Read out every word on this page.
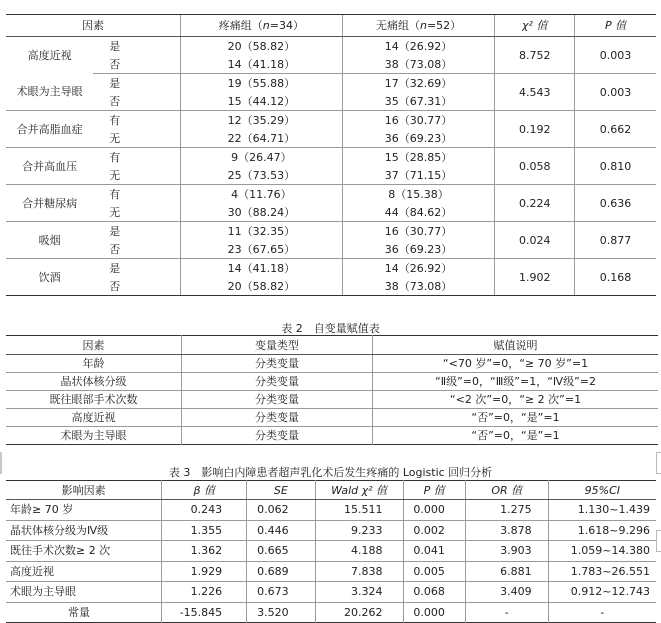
因素		疼痛组（n=34）	无痛组（n=52）	χ² 值	P 值
高度近视	是	20（58.82）	14（26.92）	8.752	0.003
	否	14（41.18）	38（73.08）		
术眼为主导眼	是	19（55.88）	17（32.69）	4.543	0.003
	否	15（44.12）	35（67.31）		
合并高脂血症	有	12（35.29）	16（30.77）	0.192	0.662
	无	22（64.71）	36（69.23）		
合并高血压	有	9（26.47）	15（28.85）	0.058	0.810
	无	25（73.53）	37（71.15）		
合并糖尿病	有	4（11.76）	8（15.38）	0.224	0.636
	无	30（88.24）	44（84.62）		
吸烟	是	11（32.35）	16（30.77）	0.024	0.877
	否	23（67.65）	36（69.23）		
饮酒	是	14（41.18）	14（26.92）	1.902	0.168
	否	20（58.82）	38（73.08）		
表 2　自变量赋值表
因素	变量类型	赋值说明
年龄	分类变量	“<70 岁”=0，“≥ 70 岁”=1
晶状体核分级	分类变量	“Ⅱ级”=0，“Ⅲ级”=1，“Ⅳ级”=2
既往眼部手术次数	分类变量	“<2 次”=0，“≥ 2 次”=1
高度近视	分类变量	“否”=0，“是”=1
术眼为主导眼	分类变量	“否”=0，“是”=1
表 3　影响白内障患者超声乳化术后发生疼痛的 Logistic 回归分析
影响因素	β 值	SE	Wald χ² 值	P 值	OR 值	95%CI
年龄≥ 70 岁	0.243	0.062	15.511	0.000	1.275	1.130~1.439
晶状体核分级为Ⅳ级	1.355	0.446	9.233	0.002	3.878	1.618~9.296
既往手术次数≥ 2 次	1.362	0.665	4.188	0.041	3.903	1.059~14.380
高度近视	1.929	0.689	7.838	0.005	6.881	1.783~26.551
术眼为主导眼	1.226	0.673	3.324	0.068	3.409	0.912~12.743
常量	-15.845	3.520	20.262	0.000	-	-
